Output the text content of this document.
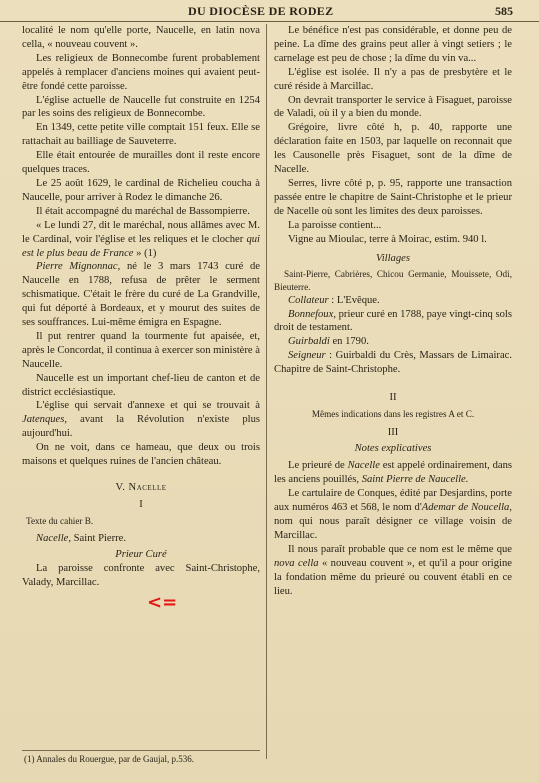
DU DIOCÈSE DE RODEZ	585

localité le nom qu'elle porte, Naucelle, en latin nova cella, « nouveau couvent ».

Les religieux de Bonnecombe furent probablement appelés à remplacer d'anciens moines qui avaient peut-être fondé cette paroisse.

L'église actuelle de Naucelle fut construite en 1254 par les soins des religieux de Bonnecombe.

En 1349, cette petite ville comptait 151 feux. Elle se rattachait au bailliage de Sauveterre.

Elle était entourée de murailles dont il reste encore quelques traces.

Le 25 août 1629, le cardinal de Richelieu coucha à Naucelle, pour arriver à Rodez le dimanche 26.

Il était accompagné du maréchal de Bassompierre.

« Le lundi 27, dit le maréchal, nous allâmes avec M. le Cardinal, voir l'église et les reliques et le clocher qui est le plus beau de France » (1)

Pierre Mignonnac, né le 3 mars 1743 curé de Naucelle en 1788, refusa de prêter le serment schismatique. C'était le frère du curé de La Grandville, qui fut déporté à Bordeaux, et y mourut des suites de ses souffrances. Lui-même émigra en Espagne.

Il put rentrer quand la tourmente fut apaisée, et, après le Concordat, il continua à exercer son ministère à Naucelle.

Naucelle est un important chef-lieu de canton et de district ecclésiastique.

L'église qui servait d'annexe et qui se trouvait à Jatenques, avant la Révolution n'existe plus aujourd'hui.

On ne voit, dans ce hameau, que deux ou trois maisons et quelques ruines de l'ancien château.

V. Nacelle

I

Texte du cahier B.

Nacelle, Saint Pierre.

Prieur Curé

La paroisse confronte avec Saint-Christophe, Valady, Marcillac.

<=

Le bénéfice n'est pas considérable, et donne peu de peine. La dîme des grains peut aller à vingt setiers ; le carnelage est peu de chose ; la dîme du vin va...

L'église est isolée. Il n'y a pas de presbytère et le curé réside à Marcillac.

On devrait transporter le service à Fisaguet, paroisse de Valadi, où il y a bien du monde.

Grégoire, livre côté h, p. 40, rapporte une déclaration faite en 1503, par laquelle on reconnait que les Causonelle près Fisaguet, sont de la dîme de Nacelle.

Serres, livre côté p, p. 95, rapporte une transaction passée entre le chapitre de Saint-Christophe et le prieur de Nacelle où sont les limites des deux paroisses.

La paroisse contient...

Vigne au Mioulac, terre à Moirac, estim. 940 l.

Villages

Saint-Pierre, Cabrières, Chicou Germanie, Mouissete, Odi, Bieuterre.

Collateur : L'Evêque.

Bonnefoux, prieur curé en 1788, paye vingt-cinq sols droit de testament.

Guirbaldi en 1790.

Seigneur : Guirbaldi du Crès, Massars de Limairac. Chapitre de Saint-Christophe.

II

Mêmes indications dans les registres A et C.

III

Notes explicatives

Le prieuré de Nacelle est appelé ordinairement, dans les anciens pouillés, Saint Pierre de Naucelle.

Le cartulaire de Conques, édité par Desjardins, porte aux numéros 463 et 568, le nom d'Ademar de Noucella, nom qui nous paraît désigner ce village voisin de Marcillac.

Il nous paraît probable que ce nom est le même que nova cella « nouveau couvent », et qu'il a pour origine la fondation même du prieuré ou couvent établi en ce lieu.

(1) Annales du Rouergue, par de Gaujal, p.536.
